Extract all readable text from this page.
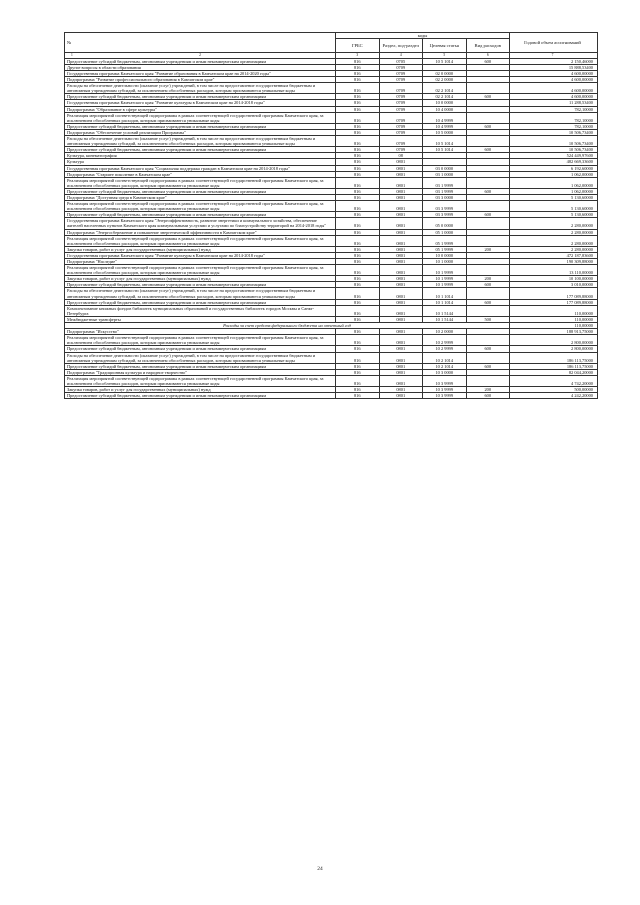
№	коды				Годовой объем ассигнований
	ГРБС	Раздел, под-раздел	Целевая статья	Вид расходов	

1 2	3	4	5	6	7
Предоставление субсидий бюджетным, автономным учреждениям и иным некоммерческим организациям	816	0705	10 5 1014	600	2 150,46000
Другие вопросы в области образования	816	0709			15 888,53400
Государственная программа Камчатского края "Развитие образования в Камчатском крае на 2014-2020 годы"	816	0709	02 0 0000		4 600,00000
Подпрограмма "Развитие профессионального образования в Камчатском крае"	816	0709	02 2 0000		4 600,00000
Расходы на обеспечение деятельности (оказание услуг) учреждений, в том числе на предоставление государственным бюджетным и автономным учреждениям субсидий, за исключением обособленных расходов, которым присваиваются уникальные коды	816	0709	02 2 1014		4 600,00000
Предоставление субсидий бюджетным, автономным учреждениям и иным некоммерческим организациям	816	0709	02 2 1014	600	4 600,00000
Государственная программа Камчатского края "Развитие культуры в Камчатском крае на 2014-2018 годы"	816	0709	10 0 0000		11 288,53400
Подпрограмма "Образование в сфере культуры"	816	0709	10 4 0000		782,10000
Реализация мероприятий соответствующей подпрограммы в рамках соответствующей государственной программы Камчатского края, за исключением обособленных расходов, которым присваиваются уникальные коды	816	0709	10 4 9999		782,10000
Предоставление субсидий бюджетным, автономным учреждениям и иным некоммерческим организациям	816	0709	10 4 9999	600	782,10000
Подпрограмма "Обеспечение условий реализации Программы"	816	0709	10 5 0000		10 506,73400
Расходы на обеспечение деятельности (оказание услуг) учреждений, в том числе на предоставление государственным бюджетным и автономным учреждениям субсидий, за исключением обособленных расходов, которым присваиваются уникальные коды	816	0709	10 5 1014		10 506,73400
Предоставление субсидий бюджетным, автономным учреждениям и иным некоммерческим организациям	816	0709	10 5 1014	600	10 506,73400
Культура, кинематография	816	08			524 449,97600
Культура	816	0801			482 669,33600
Государственная программа Камчатского края "Социальная поддержка граждан в Камчатском крае на 2014-2018 годы"	816	0801	03 0 0000		6 192,60000
Подпрограмма "Старшее поколение в Камчатском крае"	816	0801	03 1 0000		1 062,00000
Реализация мероприятий соответствующей подпрограммы в рамках соответствующей государственной программы Камчатского края, за исключением обособленных расходов, которым присваиваются уникальные коды	816	0801	03 1 9999		1 062,00000
Предоставление субсидий бюджетным, автономным учреждениям и иным некоммерческим организациям	816	0801	03 1 9999	600	1 062,00000
Подпрограмма "Доступная среда в Камчатском крае"	816	0801	03 3 0000		5 130,60000
Реализация мероприятий соответствующей подпрограммы в рамках соответствующей государственной программы Камчатского края, за исключением обособленных расходов, которым присваиваются уникальные коды	816	0801	03 3 9999		5 130,60000
Предоставление субсидий бюджетным, автономным учреждениям и иным некоммерческим организациям	816	0801	03 3 9999	600	5 130,60000
Государственная программа Камчатского края "Энергоэффективность, развитие энергетики и коммунального хозяйства, обеспечение жителей населенных пунктов Камчатского края коммунальными услугами и услугами по благоустройству территорий на 2014-2018 годы"	816	0801	05 0 0000		2 280,00000
Подпрограмма "Энергосбережение и повышение энергетической эффективности в Камчатском крае"	816	0801	05 1 0000		2 280,00000
Реализация мероприятий соответствующей подпрограммы в рамках соответствующей государственной программы Камчатского края, за исключением обособленных расходов, которым присваиваются уникальные коды	816	0801	05 1 9999		2 280,00000
Закупка товаров, работ и услуг для государственных (муниципальных) нужд	816	0801	05 1 9999	200	2 280,00000
Государственная программа Камчатского края "Развитие культуры в Камчатском крае на 2014-2018 годы"	816	0801	10 0 0000		472 187,83600
Подпрограмма "Наследие"	816	0801	10 1 0000		190 309,88000
Реализация мероприятий соответствующей подпрограммы в рамках соответствующей государственной программы Камчатского края, за исключением обособленных расходов, которым присваиваются уникальные коды	816	0801	10 1 9999		13 110,00000
Закупка товаров, работ и услуг для государственных (муниципальных) нужд	816	0801	10 1 9999	200	10 100,00000
Предоставление субсидий бюджетным, автономным учреждениям и иным некоммерческим организациям	816	0801	10 1 9999	600	3 010,00000
Расходы на обеспечение деятельности (оказание услуг) учреждений, в том числе на предоставление государственным бюджетным и автономным учреждениям субсидий, за исключением обособленных расходов, которым присваиваются уникальные коды	816	0801	10 1 1014		177 089,88000
Предоставление субсидий бюджетным, автономным учреждениям и иным некоммерческим организациям	816	0801	10 1 1014	600	177 089,88000
Комплектование книжных фондов библиотек муниципальных образований и государственных библиотек городов Москвы и Санкт-Петербурга	816	0801	10 1 5144		110,00000
Межбюджетные трансферты	816	0801	10 1 5144	500	110,00000
Расходы за счет средств федерального бюджета на отчетный год					110,00000
Подпрограмма "Искусство"	816	0801	10 2 0000		188 913,75000
Реализация мероприятий соответствующей подпрограммы в рамках соответствующей государственной программы Камчатского края, за исключением обособленных расходов, которым присваиваются уникальные коды	816	0801	10 2 9999		2 800,00000
Предоставление субсидий бюджетным, автономным учреждениям и иным некоммерческим организациям	816	0801	10 2 9999	600	2 800,00000
Расходы на обеспечение деятельности (оказание услуг) учреждений, в том числе на предоставление государственным бюджетным и автономным учреждениям субсидий, за исключением обособленных расходов, которым присваиваются уникальные коды	816	0801	10 2 1014		186 113,75000
Предоставление субсидий бюджетным, автономным учреждениям и иным некоммерческим организациям	816	0801	10 2 1014	600	186 113,75000
Подпрограмма "Традиционная культура и народное творчество"	816	0801	10 3 0000		82 044,20000
Реализация мероприятий соответствующей подпрограммы в рамках соответствующей государственной программы Камчатского края, за исключением обособленных расходов, которым присваиваются уникальные коды	816	0801	10 3 9999		4 742,20000
Закупка товаров, работ и услуг для государственных (муниципальных) нужд	816	0801	10 3 9999	200	500,00000
Предоставление субсидий бюджетным, автономным учреждениям и иным некоммерческим организациям	816	0801	10 3 9999	600	4 242,20000
24
